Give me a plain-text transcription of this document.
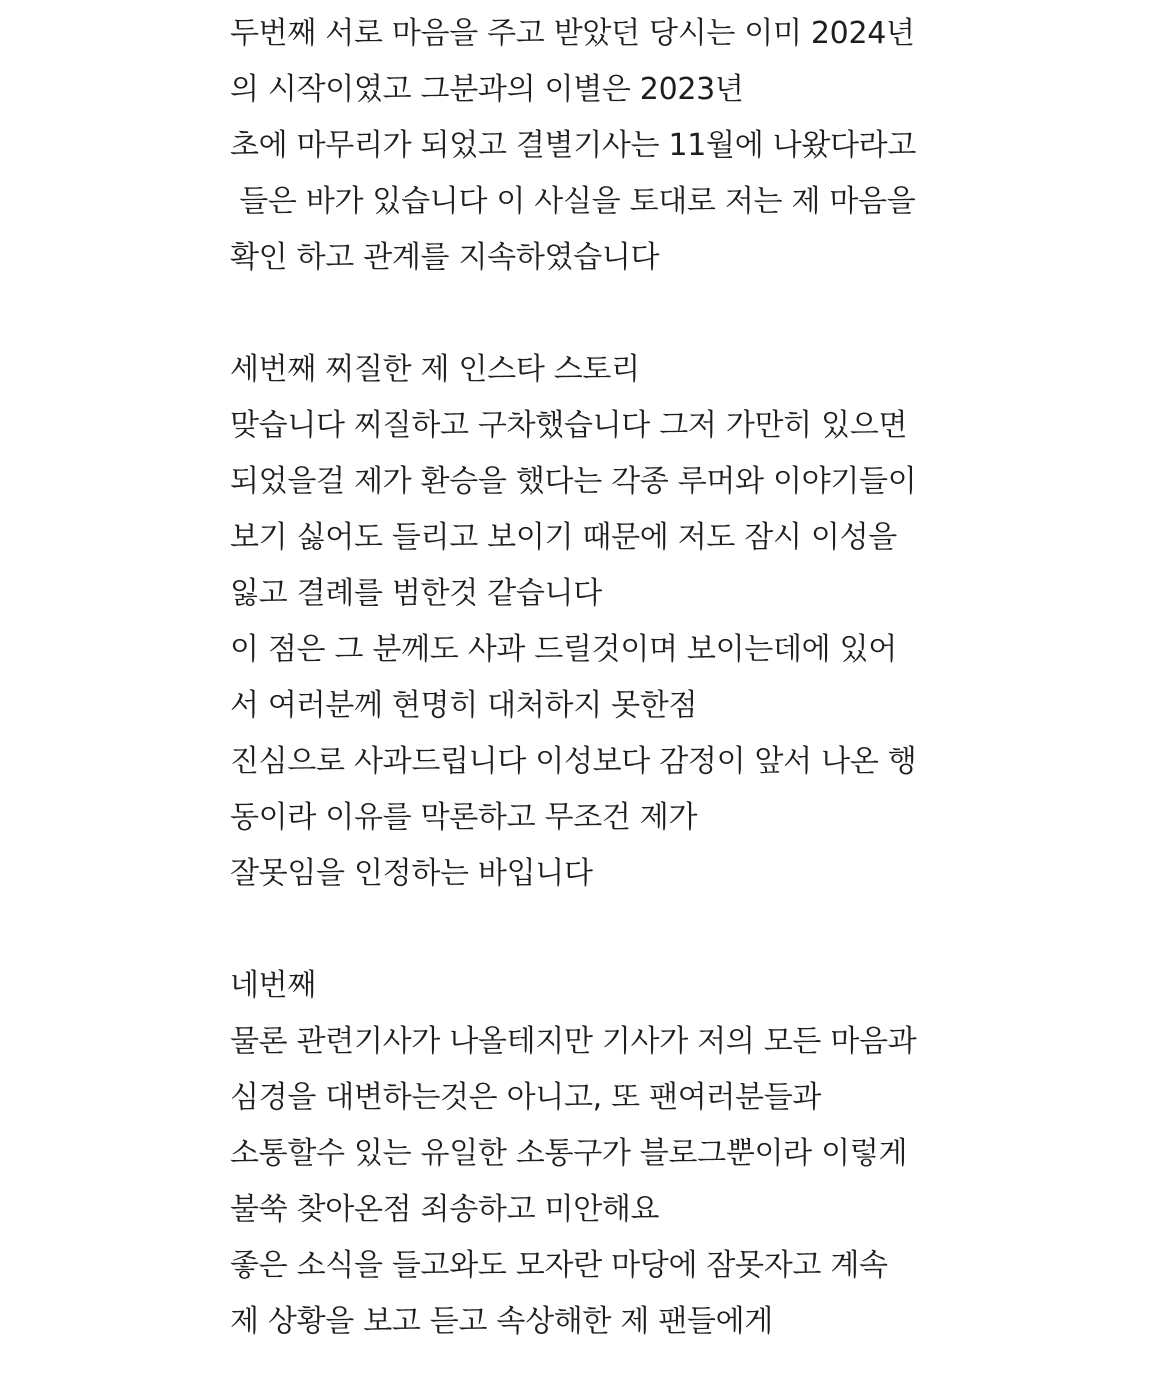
두번째 서로 마음을 주고 받았던 당시는 이미 2024년
의 시작이였고 그분과의 이별은 2023년
초에 마무리가 되었고 결별기사는 11월에 나왔다라고
들은 바가 있습니다 이 사실을 토대로 저는 제 마음을
확인 하고 관계를 지속하였습니다
세번째 찌질한 제 인스타 스토리
맞습니다 찌질하고 구차했습니다 그저 가만히 있으면
되었을걸 제가 환승을 했다는 각종 루머와 이야기들이
보기 싫어도 들리고 보이기 때문에 저도 잠시 이성을
잃고 결례를 범한것 같습니다
이 점은 그 분께도 사과 드릴것이며 보이는데에 있어
서 여러분께 현명히 대처하지 못한점
진심으로 사과드립니다 이성보다 감정이 앞서 나온 행
동이라 이유를 막론하고 무조건 제가
잘못임을 인정하는 바입니다
네번째
물론 관련기사가 나올테지만 기사가 저의 모든 마음과
심경을 대변하는것은 아니고, 또 팬여러분들과
소통할수 있는 유일한 소통구가 블로그뿐이라 이렇게
불쑥 찾아온점 죄송하고 미안해요
좋은 소식을 들고와도 모자란 마당에 잠못자고 계속
제 상황을 보고 듣고 속상해한 제 팬들에게
